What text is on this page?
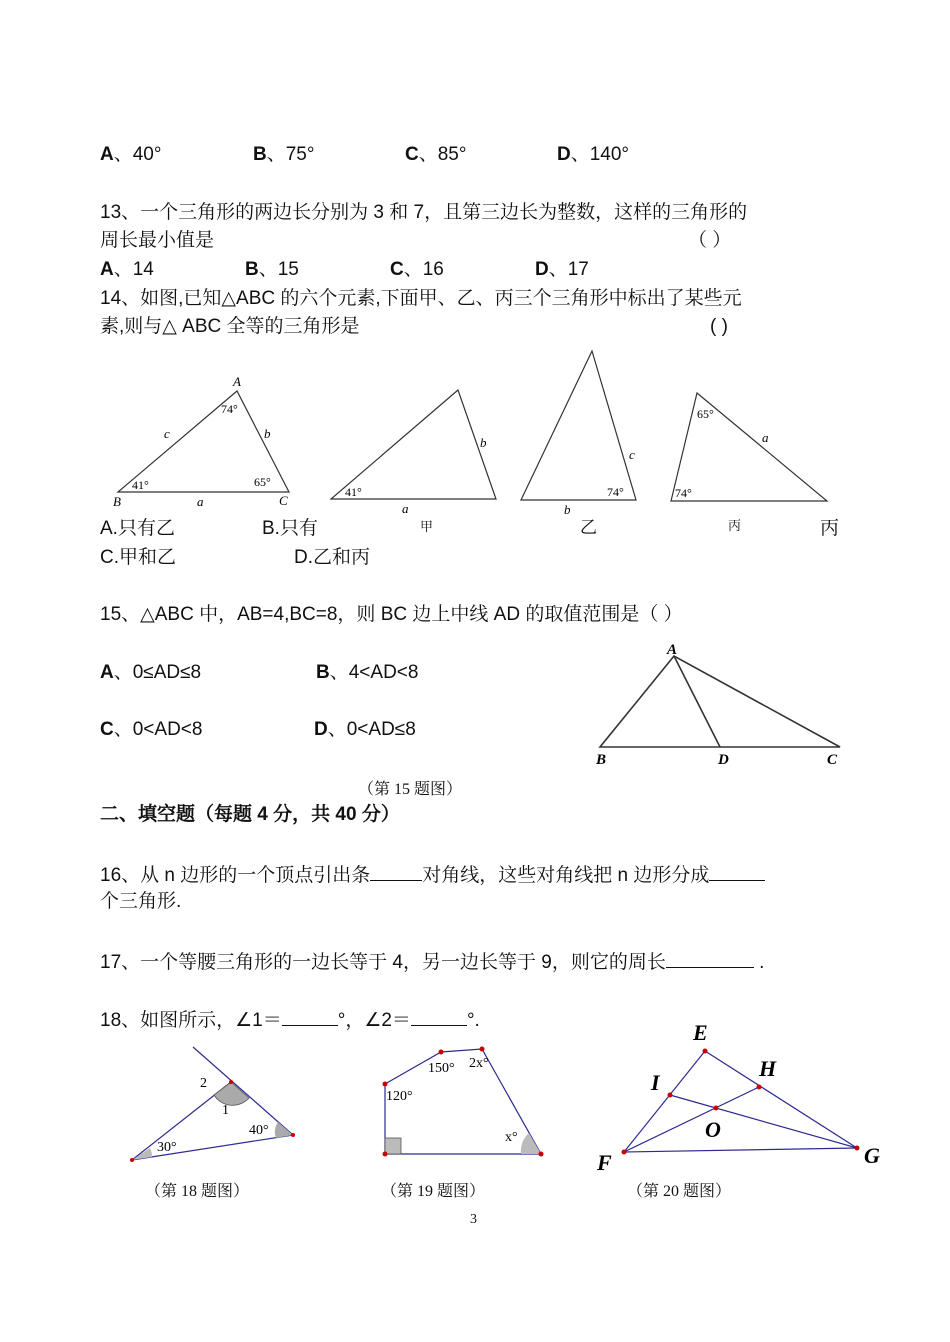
A、40°	B、75°	C、85°	D、140°
13、一个三角形的两边长分别为 3 和 7，且第三边长为整数，这样的三角形的
周长最小值是	（ ）
A、14	B、15	C、16	D、17
14、如图,已知△ABC 的六个元素,下面甲、乙、丙三个三角形中标出了某些元
素,则与△ ABC 全等的三角形是	( )
A
B	C
c	b
a
74°
41°	65°
b
a
41°
c
b
74°
a
65°
74°
甲	乙	丙
A.只有乙	B.只有	丙
C.甲和乙	D.乙和丙
15、△ABC 中，AB=4,BC=8，则 BC 边上中线 AD 的取值范围是（ ）
A、0≤AD≤8	B、4<AD<8
C、0<AD<8	D、0<AD≤8
A
B	D	C
（第 15 题图）
二、填空题（每题 4 分，共 40 分）
16、从 n 边形的一个顶点引出条	对角线，这些对角线把 n 边形分成
个三角形.
17、一个等腰三角形的一边长等于 4，另一边长等于 9，则它的周长	.
18、如图所示，∠1＝	°，∠2＝	°.
2
1
30°
40°
（第 18 题图）
120°
150° 2x°
x°
（第 19 题图）
E
H
I
O
F	G
（第 20 题图）
3
